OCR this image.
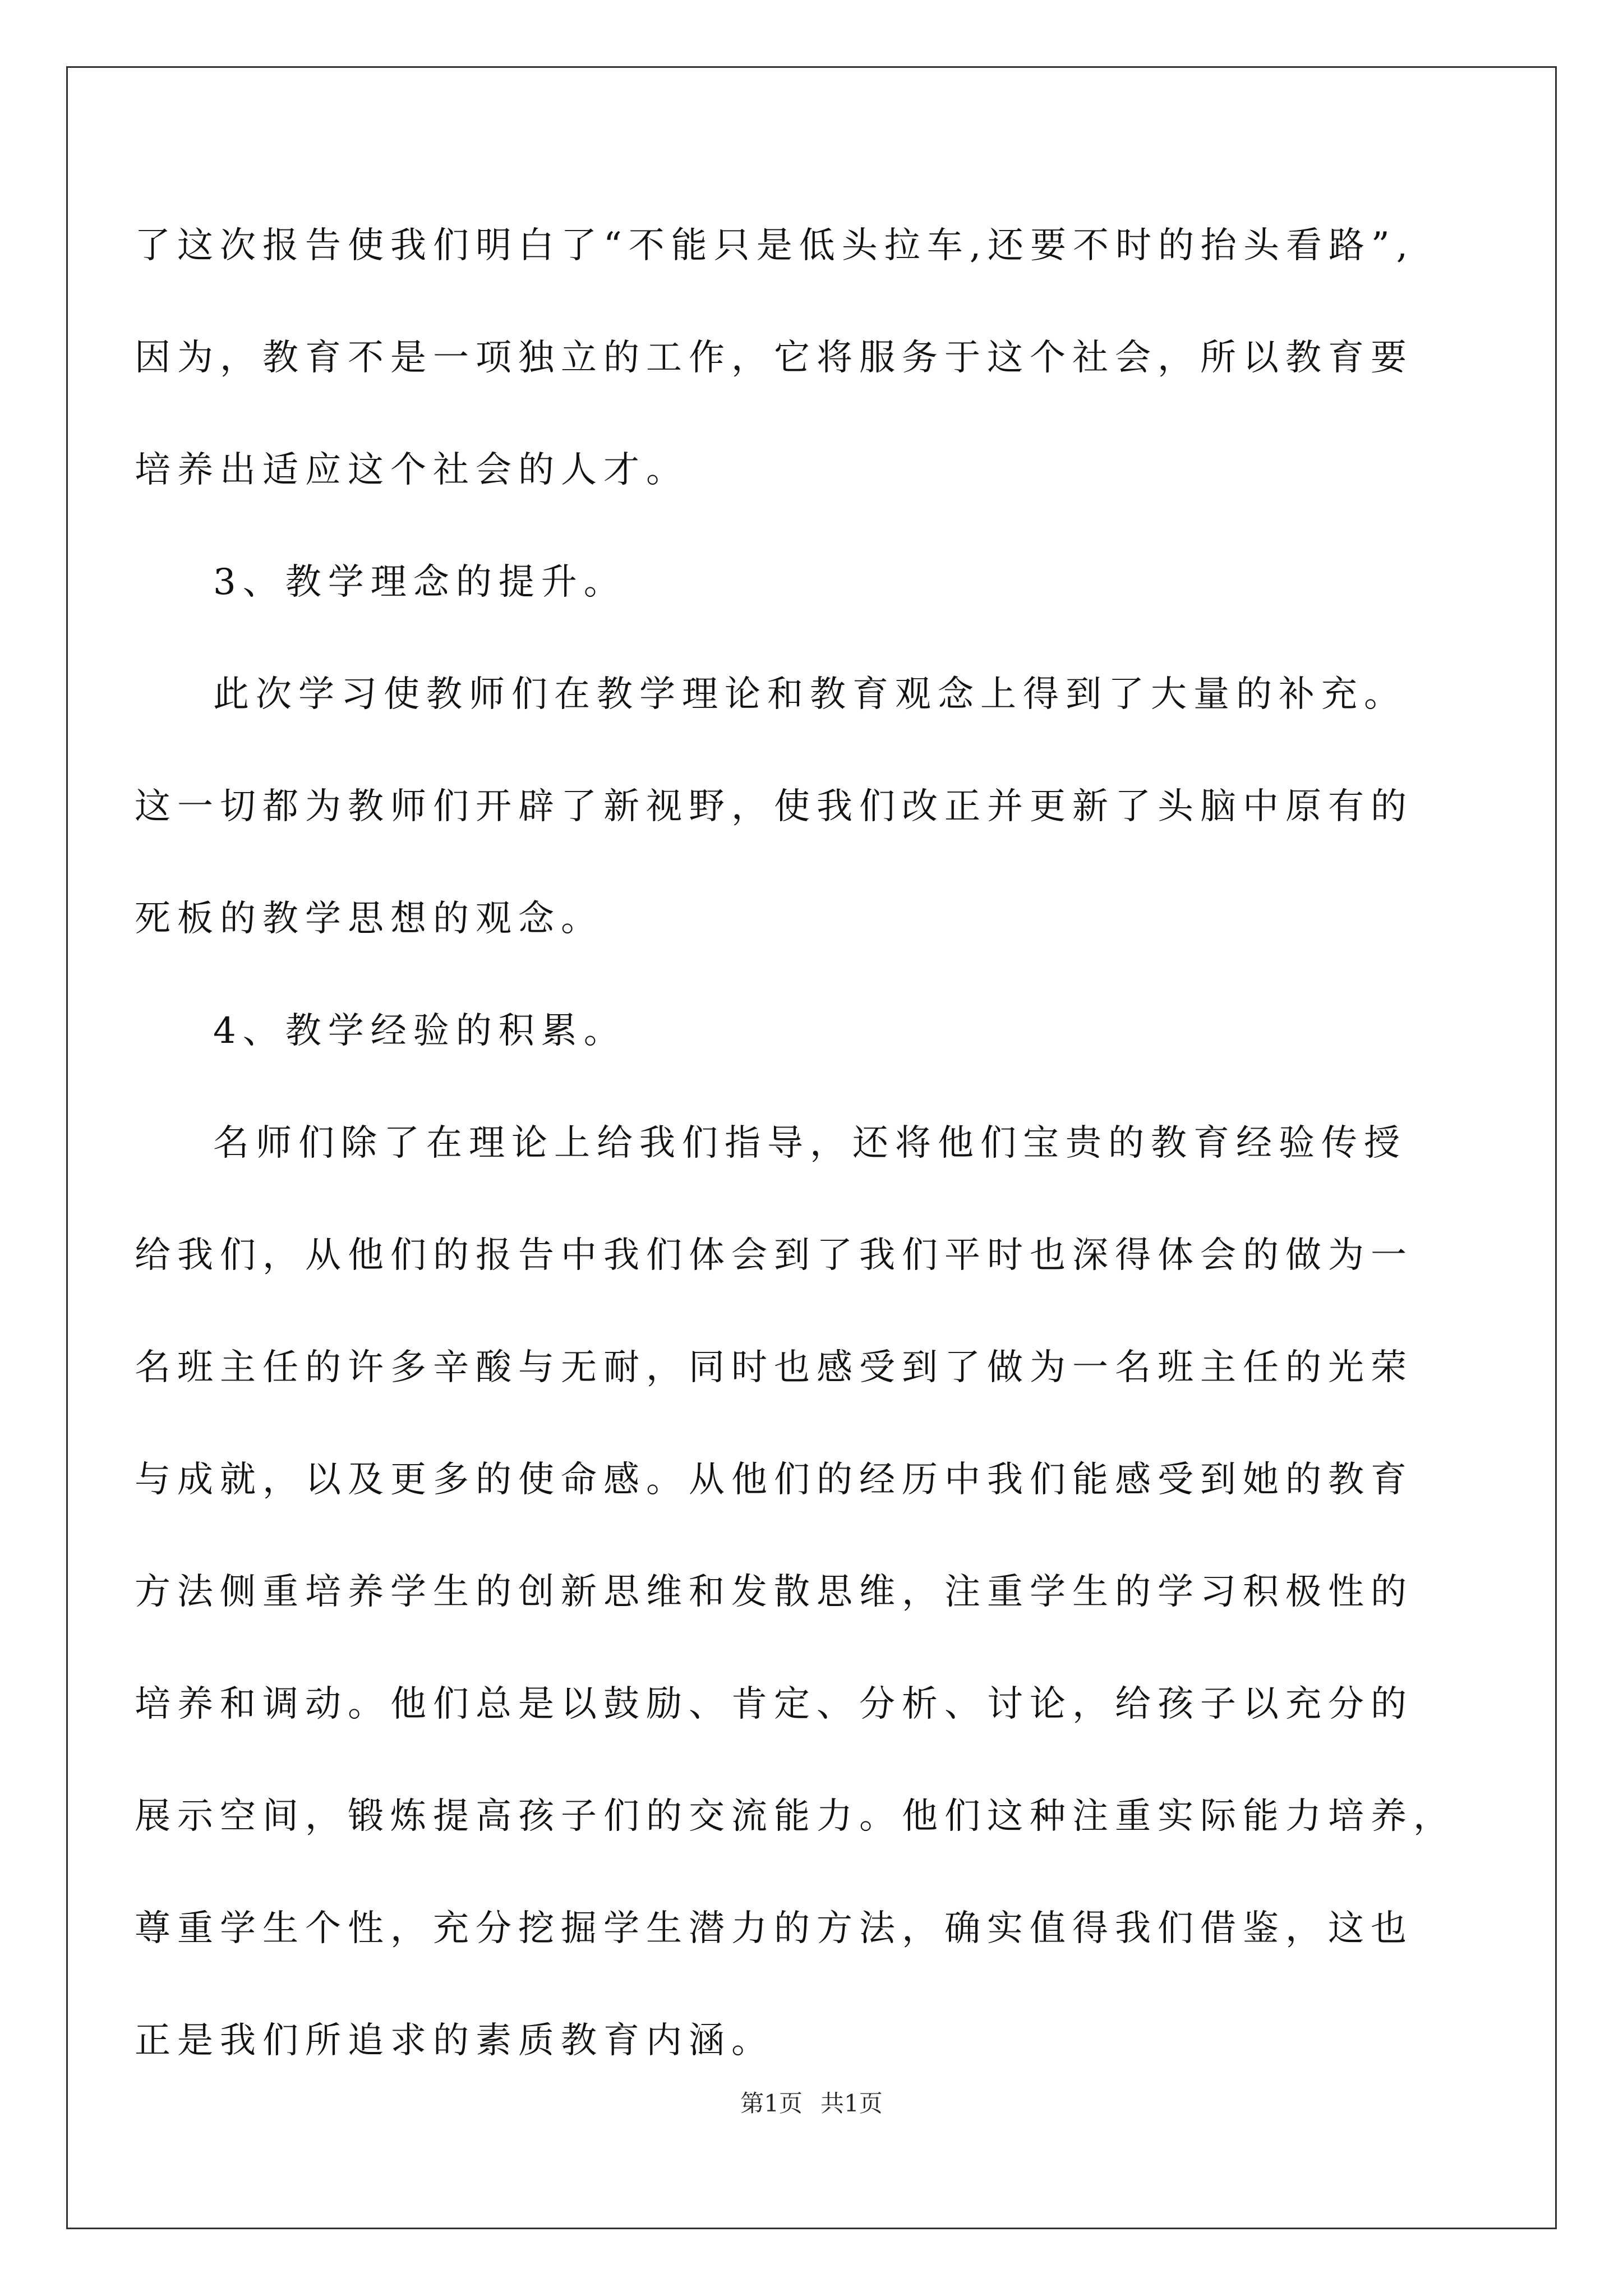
了这次报告使我们明白了“不能只是低头拉车,还要不时的抬头看路”,
因为，教育不是一项独立的工作，它将服务于这个社会，所以教育要
培养出适应这个社会的人才。
3、教学理念的提升。
此次学习使教师们在教学理论和教育观念上得到了大量的补充。
这一切都为教师们开辟了新视野，使我们改正并更新了头脑中原有的
死板的教学思想的观念。
4、教学经验的积累。
名师们除了在理论上给我们指导，还将他们宝贵的教育经验传授
给我们，从他们的报告中我们体会到了我们平时也深得体会的做为一
名班主任的许多辛酸与无耐，同时也感受到了做为一名班主任的光荣
与成就，以及更多的使命感。从他们的经历中我们能感受到她的教育
方法侧重培养学生的创新思维和发散思维，注重学生的学习积极性的
培养和调动。他们总是以鼓励、肯定、分析、讨论，给孩子以充分的
展示空间，锻炼提高孩子们的交流能力。他们这种注重实际能力培养，
尊重学生个性，充分挖掘学生潜力的方法，确实值得我们借鉴，这也
正是我们所追求的素质教育内涵。
第1页 共1页
